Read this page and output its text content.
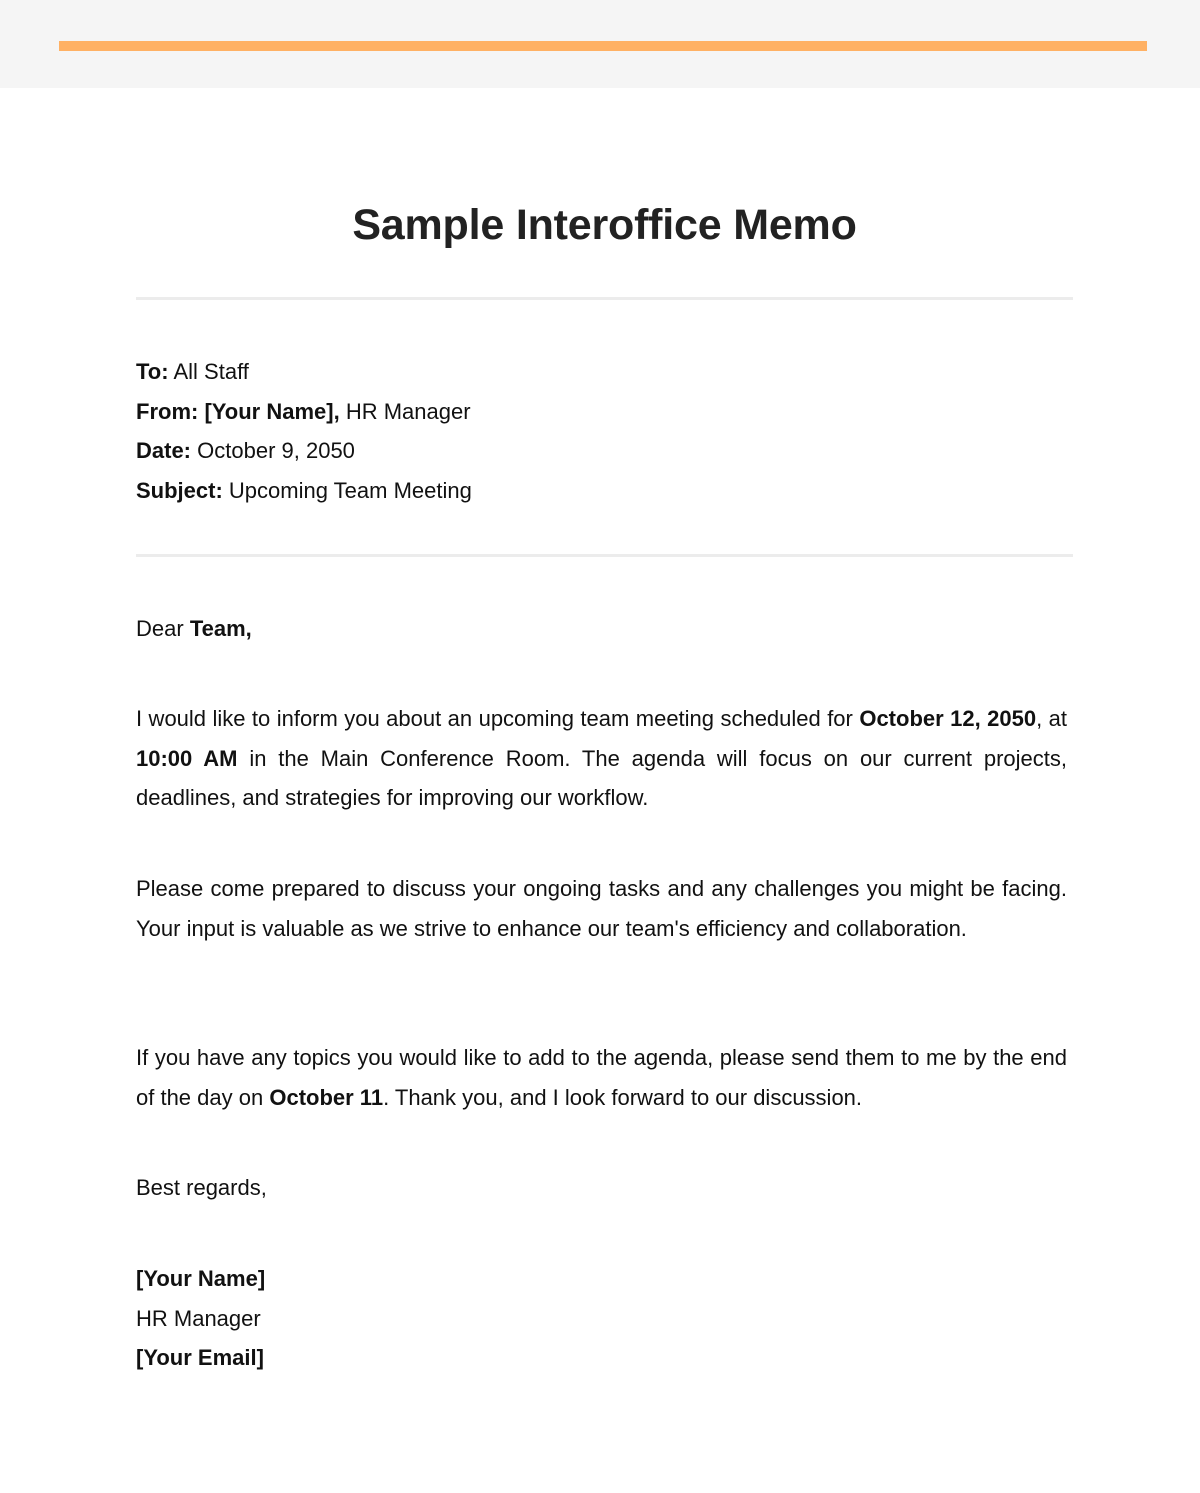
Sample Interoffice Memo
To: All Staff
From: [Your Name], HR Manager
Date: October 9, 2050
Subject: Upcoming Team Meeting
Dear Team,
I would like to inform you about an upcoming team meeting scheduled for October 12, 2050, at 10:00 AM in the Main Conference Room. The agenda will focus on our current projects, deadlines, and strategies for improving our workflow.
Please come prepared to discuss your ongoing tasks and any challenges you might be facing. Your input is valuable as we strive to enhance our team's efficiency and collaboration.
If you have any topics you would like to add to the agenda, please send them to me by the end of the day on October 11. Thank you, and I look forward to our discussion.
Best regards,
[Your Name]
HR Manager
[Your Email]
